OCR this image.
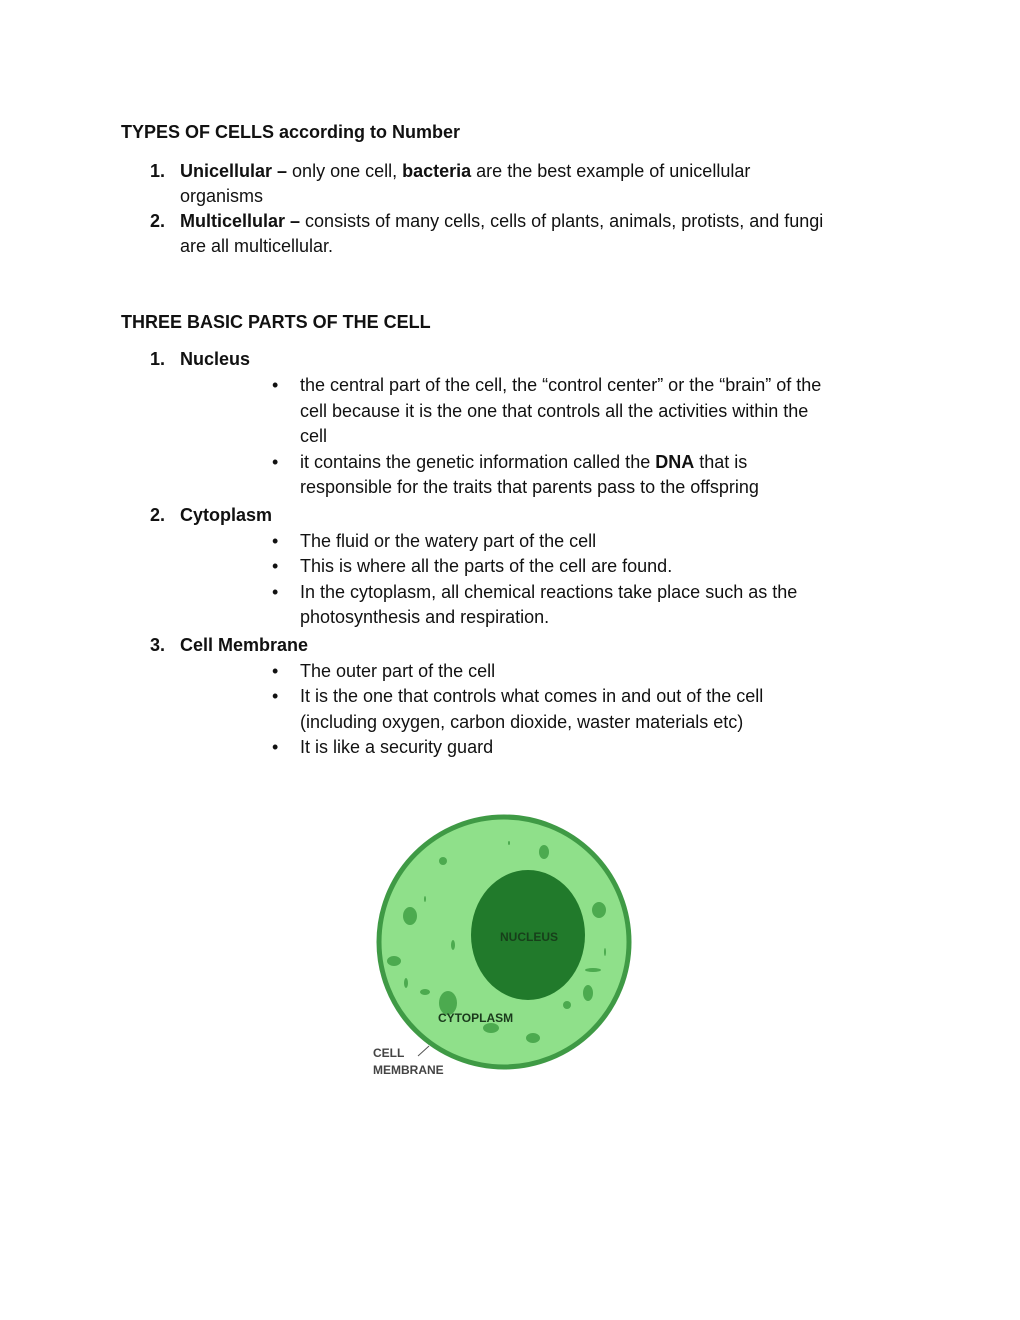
TYPES OF CELLS according to Number
1. Unicellular – only one cell, bacteria are the best example of unicellular
organisms
2. Multicellular – consists of many cells, cells of plants, animals, protists, and fungi
are all multicellular.
THREE BASIC PARTS OF THE CELL
1. Nucleus
• the central part of the cell, the “control center” or the “brain” of the
cell because it is the one that controls all the activities within the
cell
• it contains the genetic information called the DNA that is
responsible for the traits that parents pass to the offspring
2. Cytoplasm
• The fluid or the watery part of the cell
• This is where all the parts of the cell are found.
• In the cytoplasm, all chemical reactions take place such as the
photosynthesis and respiration.
3. Cell Membrane
• The outer part of the cell
• It is the one that controls what comes in and out of the cell
(including oxygen, carbon dioxide, waster materials etc)
• It is like a security guard
NUCLEUS
CYTOPLASM
CELL
MEMBRANE
